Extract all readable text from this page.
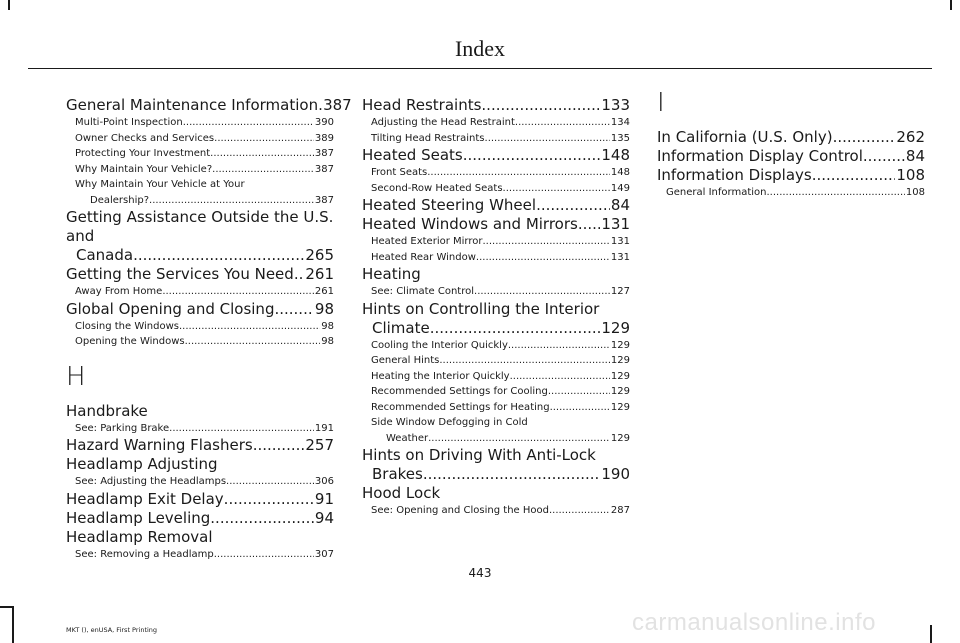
Index
General Maintenance Information ..... 387
Multi-Point Inspection .....	390
Owner Checks and Services .....	389
Protecting Your Investment .....	387
Why Maintain Your Vehicle? .....	387
Why Maintain Your Vehicle at Your
Dealership? .....	387
Getting Assistance Outside the U.S. and
Canada .....	265
Getting the Services You Need ..... 261
Away From Home .....	261
Global Opening and Closing .....	98
Closing the Windows .....	98
Opening the Windows .....	98
H
Handbrake
See: Parking Brake .....	191
Hazard Warning Flashers .....	257
Headlamp Adjusting
See: Adjusting the Headlamps .....	306
Headlamp Exit Delay .....	91
Headlamp Leveling .....	94
Headlamp Removal
See: Removing a Headlamp .....	307
Head Restraints .....	133
Adjusting the Head Restraint .....	134
Tilting Head Restraints .....	135
Heated Seats .....	148
Front Seats .....	148
Second-Row Heated Seats .....	149
Heated Steering Wheel .....	84
Heated Windows and Mirrors ..... 131
Heated Exterior Mirror .....	131
Heated Rear Window .....	131
Heating
See: Climate Control .....	127
Hints on Controlling the Interior
Climate .....	129
Cooling the Interior Quickly .....	129
General Hints .....	129
Heating the Interior Quickly .....	129
Recommended Settings for Cooling .....	129
Recommended Settings for Heating .....	129
Side Window Defogging in Cold
Weather .....	129
Hints on Driving With Anti-Lock
Brakes .....	190
Hood Lock
See: Opening and Closing the Hood .....	287
I
In California (U.S. Only) .....	262
Information Display Control .....	84
Information Displays .....	108
General Information .....	108
443
MKT (), enUSA, First Printing	carmanualsonline.info
